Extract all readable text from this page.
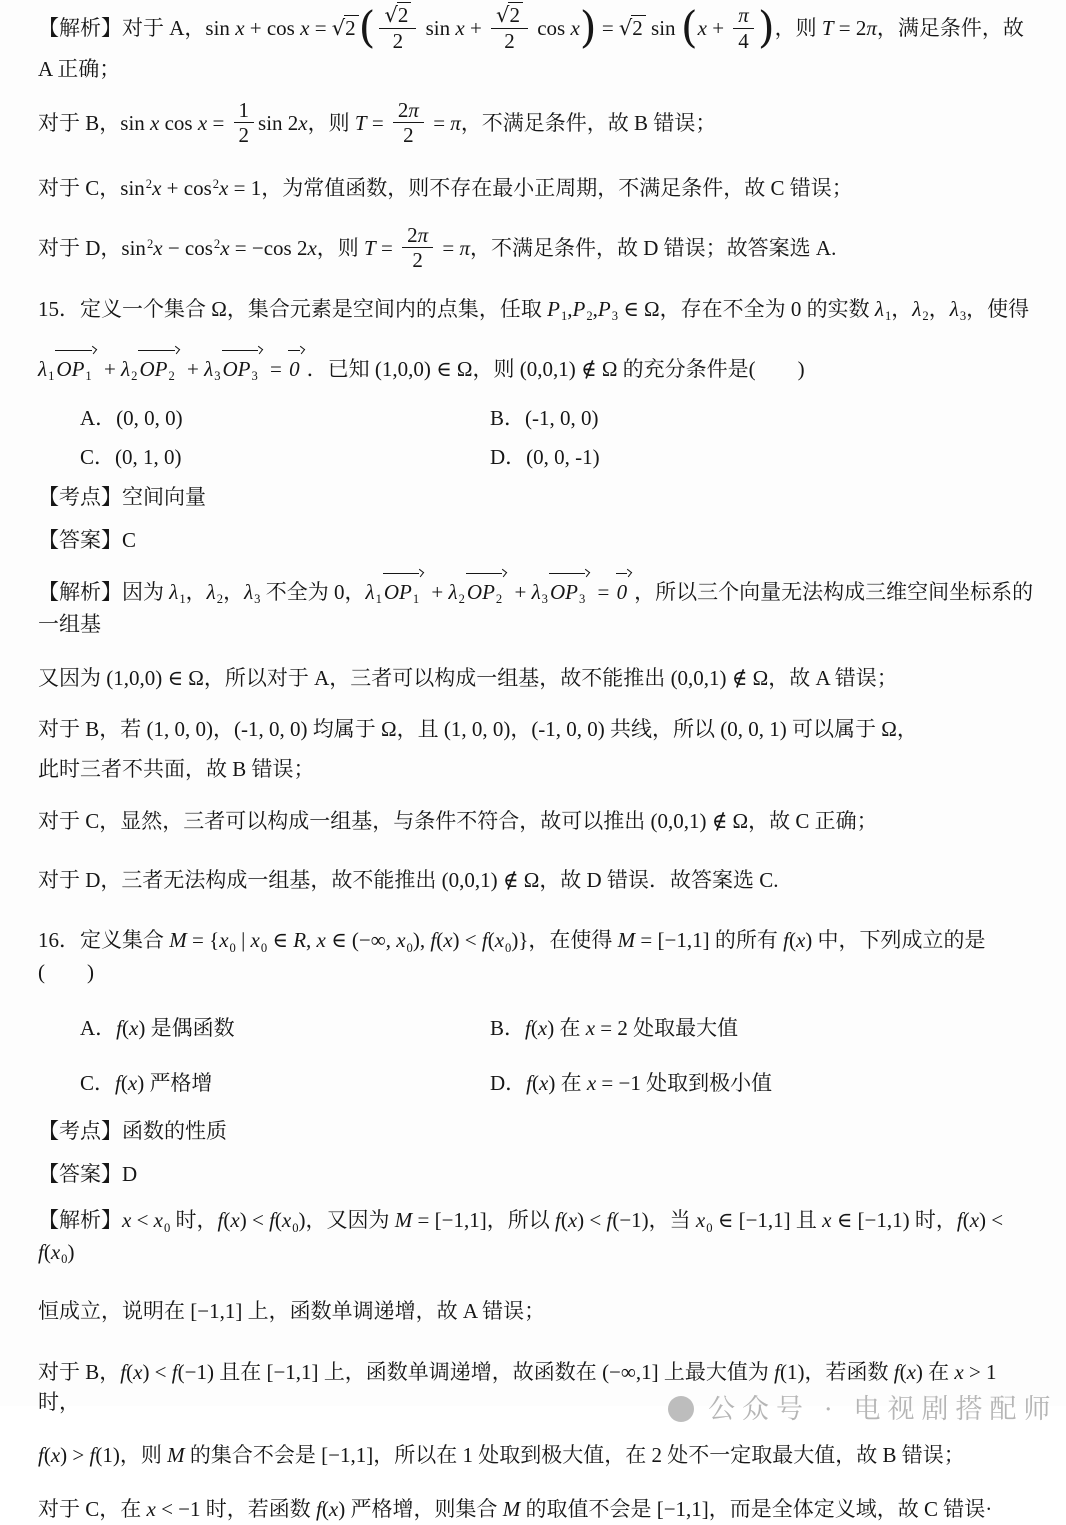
【解析】对于 A，$\sin x + \cos x = √2( \frac{√2}{2}$ $\sin x + \frac{√2}{2}$ cos x) = √2 $\sin (x + \frac{\pi}{4}$ )，则 T = 2π，满足条件，故 A 正确；
对于 B，sin x $\cos x = \frac{1}{2}$ sin 2x，则 $T = \frac{2\pi}{2} = \pi$，不满足条件，故 B 错误；
对于 C，$\sin^2x + \cos^2x = 1$，为常值函数，则不存在最小正周期，不满足条件，故 C 错误；
对于 D，$\sin^2x - \cos^2x = -\cos$ 2x，则 $T = \frac{2\pi}{2} = \pi$，不满足条件，故 D 错误；故答案选 A.
15．定义一个集合 Ω，集合元素是空间内的点集，任取 $P_1,P_2,P_3$ ∈ Ω，存在不全为 0 的实数 $\lambda_1$，$\lambda_2$，$\lambda_3$，使得
$\lambda_1OP_1 + \lambda_2OP_2 + \lambda_3OP_3 = 0$ ．已知 (1,0,0) ∈ Ω，则 (0,0,1) ∉ Ω 的充分条件是(　　)
A．(0, 0, 0)	B．(-1, 0, 0)
C．(0, 1, 0)	D．(0, 0, -1)
【考点】空间向量
【答案】C
【解析】因为 $\lambda_1$，$\lambda_2$，$\lambda_3$ 不全为 0，$\lambda_1OP_1 + \lambda_2OP_2 + \lambda_3OP_3 = 0$ ，所以三个向量无法构成三维空间坐标系的一组基
又因为 (1,0,0) ∈ Ω，所以对于 A，三者可以构成一组基，故不能推出 (0,0,1) ∉ Ω，故 A 错误；
对于 B，若 (1, 0, 0)，(-1, 0, 0) 均属于 Ω，且 (1, 0, 0)，(-1, 0, 0) 共线，所以 (0, 0, 1) 可以属于 Ω，
此时三者不共面，故 B 错误；
对于 C，显然，三者可以构成一组基，与条件不符合，故可以推出 (0,0,1) ∉ Ω，故 C 正确；
对于 D，三者无法构成一组基，故不能推出 (0,0,1) ∉ Ω，故 D 错误．故答案选 C.
16．定义集合 $M = \{x_0$ | $x_0$ ∈ R, x ∈ (−∞, $x_0$), $f(x) < f(x_0)$}，在使得 M = [−1,1] 的所有 f(x) 中，下列成立的是(　　)
A．f(x) 是偶函数	B．f(x) 在 x = 2 处取最大值
C．f(x) 严格增	D．f(x) 在 x = −1 处取到极小值
【考点】函数的性质
【答案】D
【解析】$x < x_0$ 时，$f(x) < f(x_0)$，又因为 M = [−1,1]，所以 f(x) < f(−1)，当 $x_0$ ∈ [−1,1] 且 x ∈ [−1,1) 时，$f(x) < f(x_0)$
恒成立，说明在 [−1,1] 上，函数单调递增，故 A 错误；
对于 B，f(x) < f(−1) 且在 [−1,1] 上，函数单调递增，故函数在 (−∞,1] 上最大值为 f(1)，若函数 f(x) 在 x > 1 时，
f(x) > f(1)，则 M 的集合不会是 [−1,1]，所以在 1 处取到极大值，在 2 处不一定取最大值，故 B 错误；
对于 C，在 x < −1 时，若函数 f(x) 严格增，则集合 M 的取值不会是 [−1,1]，而是全体定义域，故 C 错误·
公众号 · 电视剧搭配师
